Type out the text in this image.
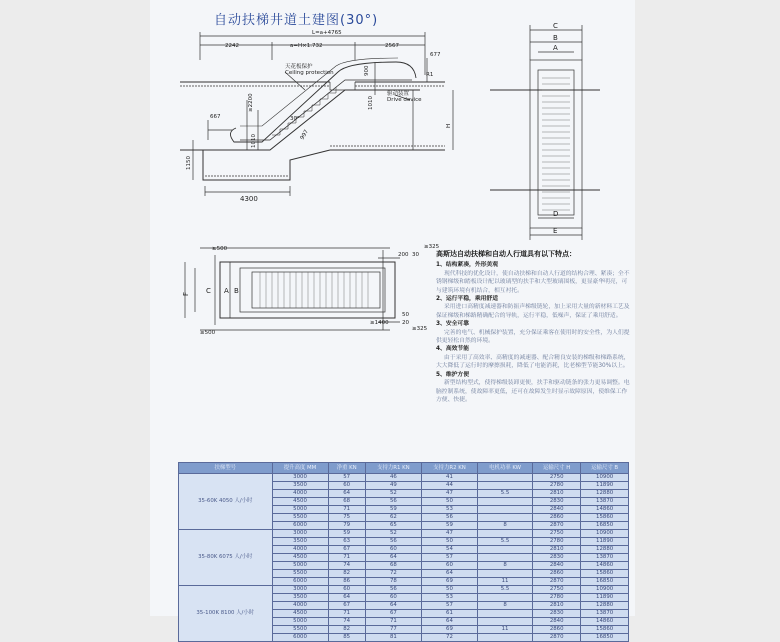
自动扶梯井道土建图(30°)
L=a+4765
2242	a=H×1.732	2567
677
R1
900
1010
≥2200
667
1010
1150
997
30°
4300
H
天花板保护
Ceiling protection
驱动装置
Drive device
C
B
A
D
E
≥500
200 30
≥325
≥500
≥1400 20
≥325
50
C A B
F
高斯达自动扶梯和自动人行道具有以下特点：
1、结构紧凑，外形美观
现代科技的优化设计，使自动扶梯和自动人行道的结构合理、紧凑；全不锈钢梯级和踏板设计配以玻璃型的扶手和大型玻璃围板，更显豪华明亮，可与建筑环境有机结合，相互衬托。
2、运行平稳，乘用舒适
采用进口高精度减速器和防振声梯级链轮，加上采用大量的新材料工艺及保证梯级和梯路精确配合的导轨，运行平稳，低噪声，保证了乘用舒适。
3、安全可靠
完善的电气、机械保护装置，充分保证乘客在使用时的安全性，为人们提供更轻松自然的环境。
4、高效节能
由于采用了高效率、高精度的减速器、配合精良安装的梯级和梯路系统，大大降低了运行时的摩擦损耗，降低了电能消耗，比老梯型节能30%以上。
5、维护方便
新型结构型式，使得梯级装卸更便，扶手和驱动链条的张力更易调整。电脑控制系统，使故障率更低，还可在故障发生时显示故障原因，使维保工作方便、快捷。
扶梯型号	提升高度 MM	净重 KN	支持力R1 KN	支持力R2 KN	电机功率 KW	运输尺寸 H	运输尺寸 B
35-60K 4050 人/小时	3000	57	46	41		2750	10900
	3500	60	49	44		2780	11890
	4000	64	52	47	5.5	2810	12880
	4500	68	56	50		2830	13870
	5000	71	59	53		2840	14860
	5500	75	62	56		2860	15860
	6000	79	65	59	8	2870	16850
35-80K 6075 人/小时	3000	59	52	47		2750	10900
	3500	63	56	50	5.5	2780	11890
	4000	67	60	54		2810	12880
	4500	71	64	57		2830	13870
	5000	74	68	60	8	2840	14860
	5500	82	72	64		2860	15860
	6000	86	78	69	11	2870	16850
35-100K 8100 人/小时	3000	60	56	50	5.5	2750	10900
	3500	64	60	53		2780	11890
	4000	67	64	57	8	2810	12880
	4500	71	67	61		2830	13870
	5000	74	71	64		2840	14860
	5500	82	77	69	11	2860	15860
	6000	85	81	72		2870	16850
